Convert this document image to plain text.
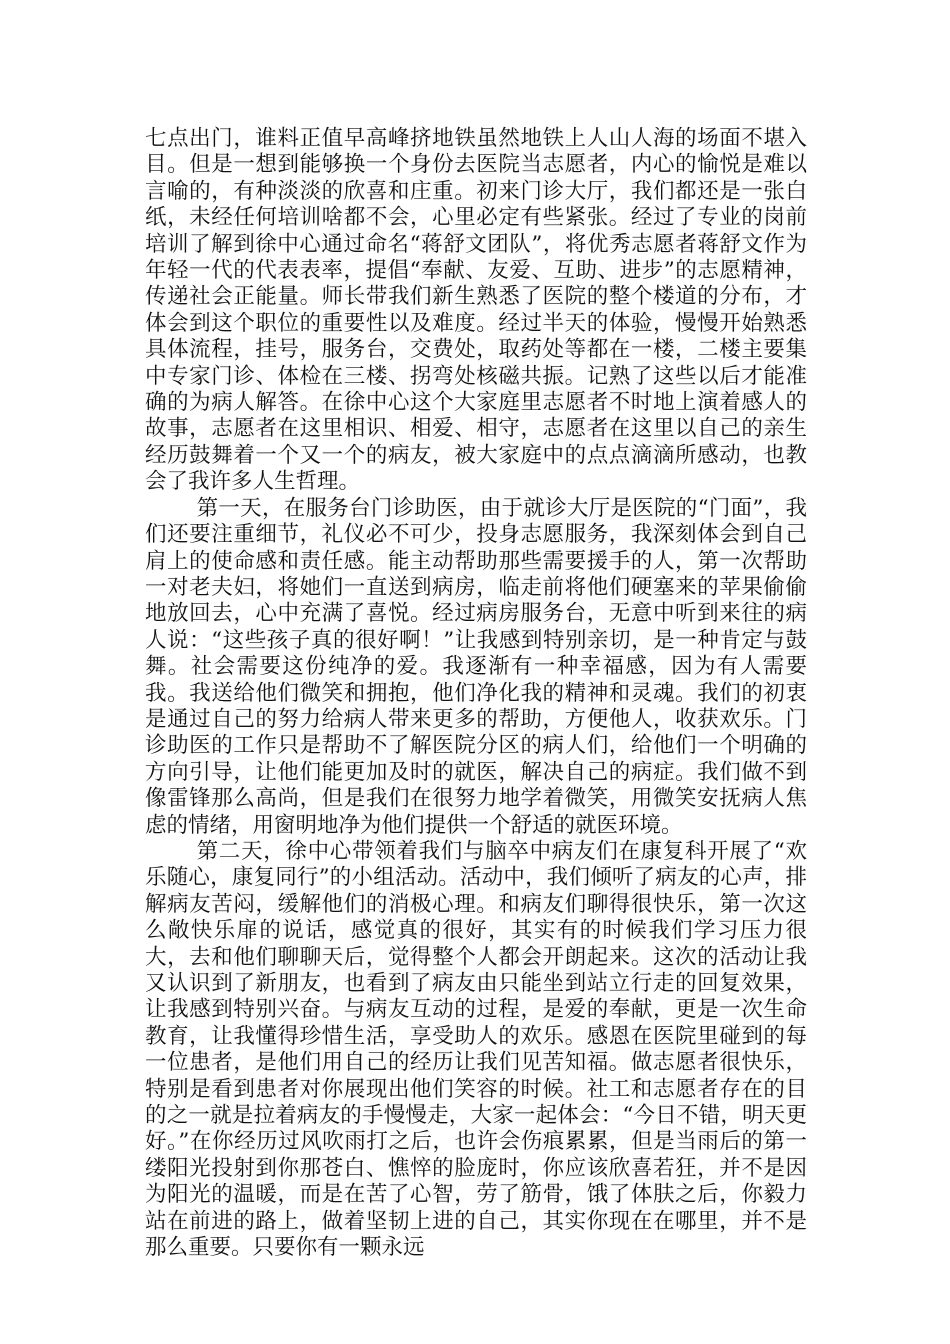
七点出门，谁料正值早高峰挤地铁虽然地铁上人山人海的场面不堪入目。但是一想到能够换一个身份去医院当志愿者，内心的愉悦是难以言喻的，有种淡淡的欣喜和庄重。初来门诊大厅，我们都还是一张白纸，未经任何培训啥都不会，心里必定有些紧张。经过了专业的岗前培训了解到徐中心通过命名“蒋舒文团队”，将优秀志愿者蒋舒文作为年轻一代的代表表率，提倡“奉献、友爱、互助、进步”的志愿精神，传递社会正能量。师长带我们新生熟悉了医院的整个楼道的分布，才体会到这个职位的重要性以及难度。经过半天的体验，慢慢开始熟悉具体流程，挂号，服务台，交费处，取药处等都在一楼，二楼主要集中专家门诊、体检在三楼、拐弯处核磁共振。记熟了这些以后才能准确的为病人解答。在徐中心这个大家庭里志愿者不时地上演着感人的故事，志愿者在这里相识、相爱、相守，志愿者在这里以自己的亲生经历鼓舞着一个又一个的病友，被大家庭中的点点滴滴所感动，也教会了我许多人生哲理。

第一天，在服务台门诊助医，由于就诊大厅是医院的“门面”，我们还要注重细节，礼仪必不可少，投身志愿服务，我深刻体会到自己肩上的使命感和责任感。能主动帮助那些需要援手的人，第一次帮助一对老夫妇，将她们一直送到病房，临走前将他们硬塞来的苹果偷偷地放回去，心中充满了喜悦。经过病房服务台，无意中听到来往的病人说：“这些孩子真的很好啊！”让我感到特别亲切，是一种肯定与鼓舞。社会需要这份纯净的爱。我逐渐有一种幸福感，因为有人需要我。我送给他们微笑和拥抱，他们净化我的精神和灵魂。我们的初衷是通过自己的努力给病人带来更多的帮助，方便他人，收获欢乐。门诊助医的工作只是帮助不了解医院分区的病人们，给他们一个明确的方向引导，让他们能更加及时的就医，解决自己的病症。我们做不到像雷锋那么高尚，但是我们在很努力地学着微笑，用微笑安抚病人焦虑的情绪，用窗明地净为他们提供一个舒适的就医环境。

第二天，徐中心带领着我们与脑卒中病友们在康复科开展了“欢乐随心，康复同行”的小组活动。活动中，我们倾听了病友的心声，排解病友苦闷，缓解他们的消极心理。和病友们聊得很快乐，第一次这么敞快乐扉的说话，感觉真的很好，其实有的时候我们学习压力很大，去和他们聊聊天后，觉得整个人都会开朗起来。这次的活动让我又认识到了新朋友，也看到了病友由只能坐到站立行走的回复效果，让我感到特别兴奋。与病友互动的过程，是爱的奉献，更是一次生命教育，让我懂得珍惜生活，享受助人的欢乐。感恩在医院里碰到的每一位患者，是他们用自己的经历让我们见苦知福。做志愿者很快乐，特别是看到患者对你展现出他们笑容的时候。社工和志愿者存在的目的之一就是拉着病友的手慢慢走，大家一起体会：“今日不错，明天更好。”在你经历过风吹雨打之后，也许会伤痕累累，但是当雨后的第一缕阳光投射到你那苍白、憔悴的脸庞时，你应该欣喜若狂，并不是因为阳光的温暖，而是在苦了心智，劳了筋骨，饿了体肤之后，你毅力站在前进的路上，做着坚韧上进的自己，其实你现在在哪里，并不是那么重要。只要你有一颗永远
